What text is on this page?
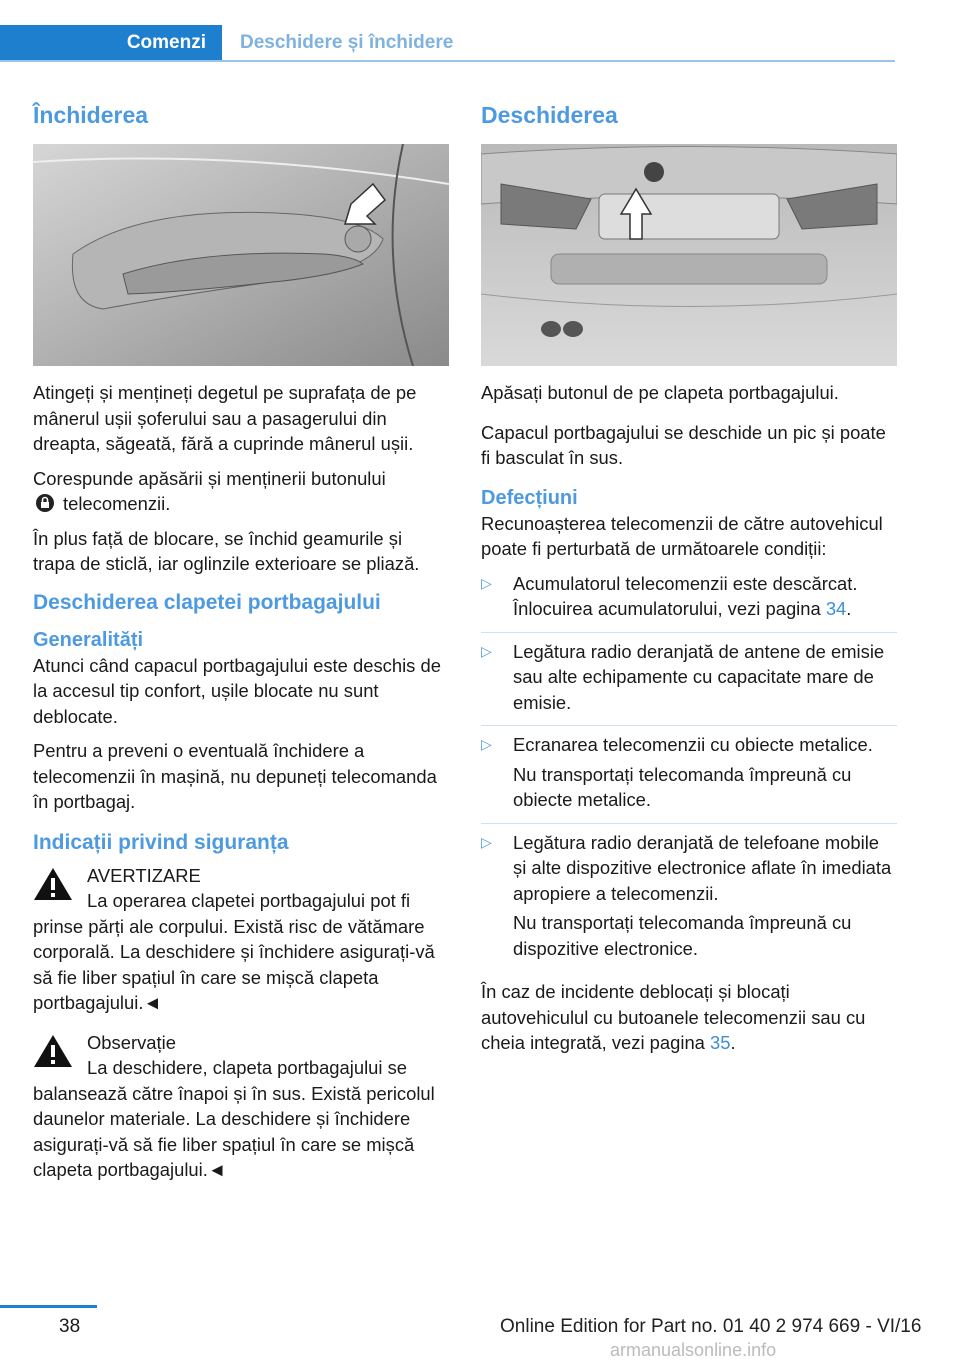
Comenzi Deschidere și închidere
Închiderea

Atingeți și mențineți degetul pe suprafața de pe mânerul ușii șoferului sau a pasagerului din dreapta, săgeată, fără a cuprinde mânerul ușii.

Corespunde apăsării și menținerii butonului
telecomenzii.

În plus față de blocare, se închid geamurile și trapa de sticlă, iar oglinzile exterioare se pliază.

Deschiderea clapetei portbagajului
Generalități

Atunci când capacul portbagajului este deschis de la accesul tip confort, ușile blocate nu sunt deblocate.

Pentru a preveni o eventuală închidere a telecomenzii în mașină, nu depuneți telecomanda în portbagaj.

Indicații privind siguranța

AVERTIZARE

La operarea clapetei portbagajului pot fi

prinse părți ale corpului. Există risc de vătămare corporală. La deschidere și închidere asigurați-vă să fie liber spațiul în care se mișcă clapeta portbagajului.◄

Observație

La deschidere, clapeta portbagajului se

balansează către înapoi și în sus. Există pericolul daunelor materiale. La deschidere și închidere asigurați-vă să fie liber spațiul în care se mișcă clapeta portbagajului.◄

Deschiderea

Apăsați butonul de pe clapeta portbagajului.

Capacul portbagajului se deschide un pic și poate fi basculat în sus.

Defecțiuni

Recunoașterea telecomenzii de către autovehicul poate fi perturbată de următoarele condiții:

▷ Acumulatorul telecomenzii este descărcat. Înlocuirea acumulatorului, vezi pagina 34.

▷ Legătura radio deranjată de antene de emisie sau alte echipamente cu capacitate mare de emisie.

▷ Ecranarea telecomenzii cu obiecte metalice.

Nu transportați telecomanda împreună cu obiecte metalice.

▷ Legătura radio deranjată de telefoane mobile și alte dispozitive electronice aflate în imediata apropiere a telecomenzii.

Nu transportați telecomanda împreună cu dispozitive electronice.

În caz de incidente deblocați și blocați autovehiculul cu butoanele telecomenzii sau cu cheia integrată, vezi pagina 35.

38	Online Edition for Part no. 01 40 2 974 669 - VI/16
armanualsonline.info
